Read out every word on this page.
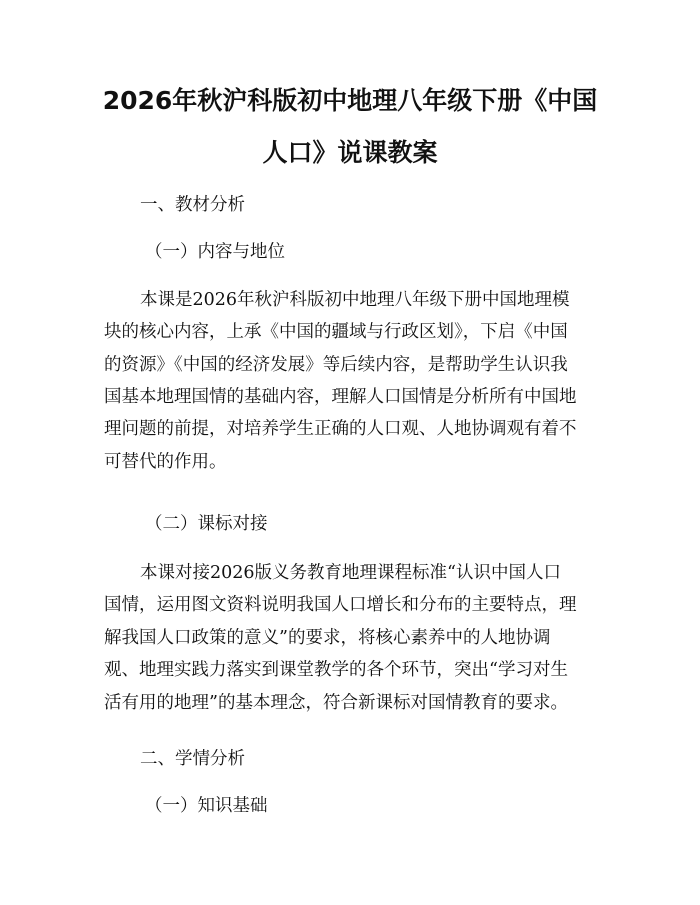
2026年秋沪科版初中地理八年级下册《中国
人口》说课教案
一、教材分析
（一）内容与地位
本课是2026年秋沪科版初中地理八年级下册中国地理模
块的核心内容，上承《中国的疆域与行政区划》，下启《中国
的资源》《中国的经济发展》等后续内容，是帮助学生认识我
国基本地理国情的基础内容，理解人口国情是分析所有中国地
理问题的前提，对培养学生正确的人口观、人地协调观有着不
可替代的作用。
（二）课标对接
本课对接2026版义务教育地理课程标准“认识中国人口
国情，运用图文资料说明我国人口增长和分布的主要特点，理
解我国人口政策的意义”的要求，将核心素养中的人地协调
观、地理实践力落实到课堂教学的各个环节，突出“学习对生
活有用的地理”的基本理念，符合新课标对国情教育的要求。
二、学情分析
（一）知识基础
